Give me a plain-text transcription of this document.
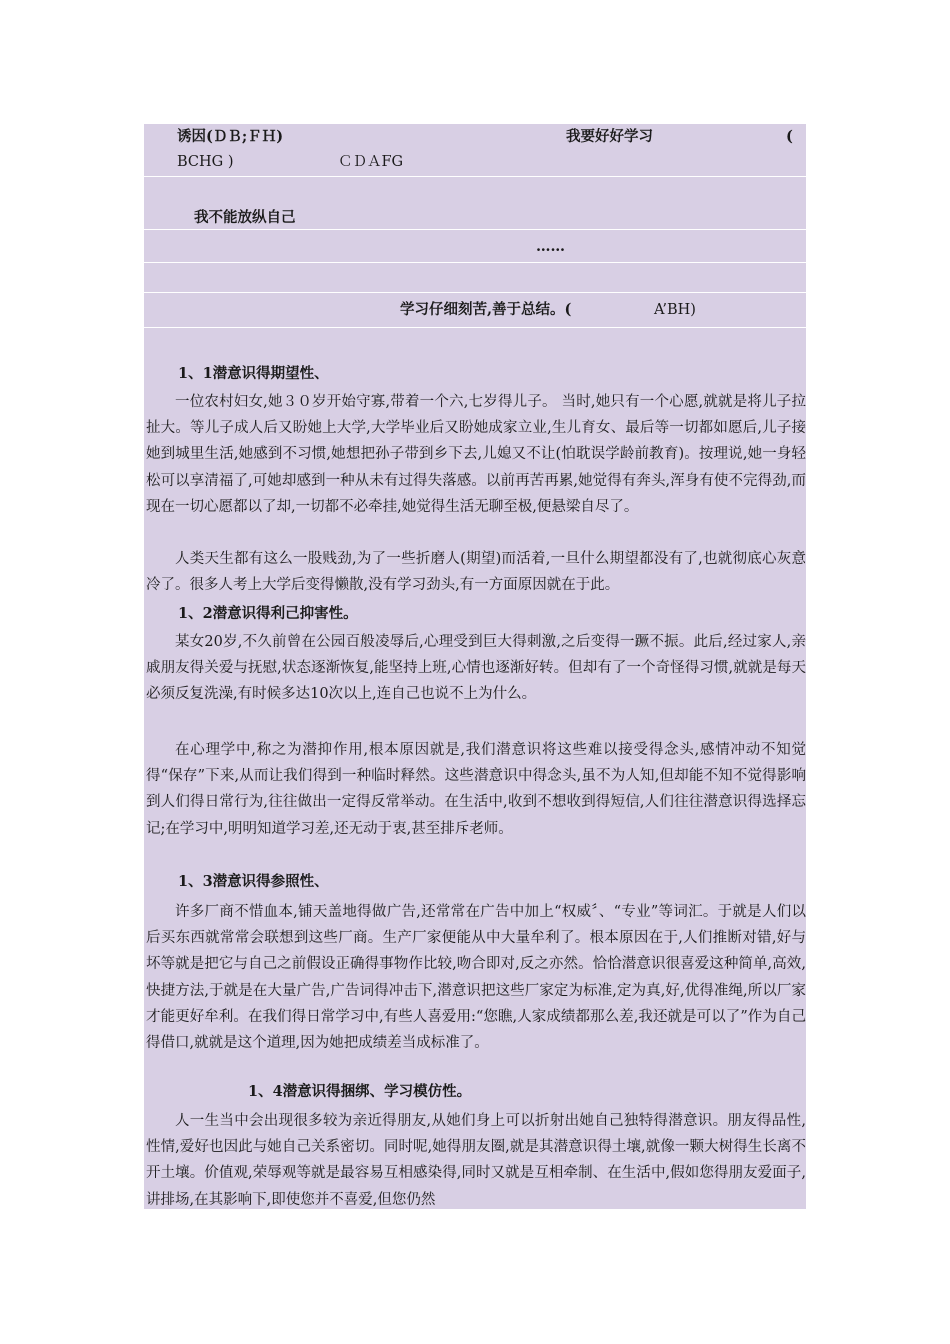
诱因(ＤＢ;ＦＨ)	我要好好学习	(
BCHG )	ＣＤＡFG
我不能放纵自己
……
学习仔细刻苦,善于总结。(	A’BH)
1、1潜意识得期望性、

一位农村妇女,她３０岁开始守寡,带着一个六,七岁得儿子。 当时,她只有一个心愿,就就是将儿子拉扯大。等儿子成人后又盼她上大学,大学毕业后又盼她成家立业,生儿育女、最后等一切都如愿后,儿子接她到城里生活,她感到不习惯,她想把孙子带到乡下去,儿媳又不让(怕耽误学龄前教育)。按理说,她一身轻松可以享清福了,可她却感到一种从未有过得失落感。以前再苦再累,她觉得有奔头,浑身有使不完得劲,而现在一切心愿都以了却,一切都不必牵挂,她觉得生活无聊至极,便悬梁自尽了。

人类天生都有这么一股贱劲,为了一些折磨人(期望)而活着,一旦什么期望都没有了,也就彻底心灰意冷了。很多人考上大学后变得懒散,没有学习劲头,有一方面原因就在于此。

1、2潜意识得利己抑害性。

某女20岁,不久前曾在公园百般凌辱后,心理受到巨大得刺激,之后变得一蹶不振。此后,经过家人,亲戚朋友得关爱与抚慰,状态逐渐恢复,能坚持上班,心情也逐渐好转。但却有了一个奇怪得习惯,就就是每天必须反复洗澡,有时候多达10次以上,连自己也说不上为什么。

在心理学中,称之为潜抑作用,根本原因就是,我们潜意识将这些难以接受得念头,感情冲动不知觉得“保存”下来,从而让我们得到一种临时释然。这些潜意识中得念头,虽不为人知,但却能不知不觉得影响到人们得日常行为,往往做出一定得反常举动。在生活中,收到不想收到得短信,人们往往潜意识得选择忘记;在学习中,明明知道学习差,还无动于衷,甚至排斥老师。

1、3潜意识得参照性、

许多厂商不惜血本,铺天盖地得做广告,还常常在广告中加上“权威〞、“专业”等词汇。于就是人们以后买东西就常常会联想到这些厂商。生产厂家便能从中大量牟利了。根本原因在于,人们推断对错,好与坏等就是把它与自己之前假设正确得事物作比较,吻合即对,反之亦然。恰恰潜意识很喜爱这种简单,高效,快捷方法,于就是在大量广告,广告词得冲击下,潜意识把这些厂家定为标准,定为真,好,优得准绳,所以厂家才能更好牟利。在我们得日常学习中,有些人喜爱用:“您瞧,人家成绩都那么差,我还就是可以了”作为自己得借口,就就是这个道理,因为她把成绩差当成标准了。

1、4潜意识得捆绑、学习模仿性。

人一生当中会出现很多较为亲近得朋友,从她们身上可以折射出她自己独特得潜意识。朋友得品性,性情,爱好也因此与她自己关系密切。同时呢,她得朋友圈,就是其潜意识得土壤,就像一颗大树得生长离不开土壤。价值观,荣辱观等就是最容易互相感染得,同时又就是互相牵制、在生活中,假如您得朋友爱面子,讲排场,在其影响下,即使您并不喜爱,但您仍然
